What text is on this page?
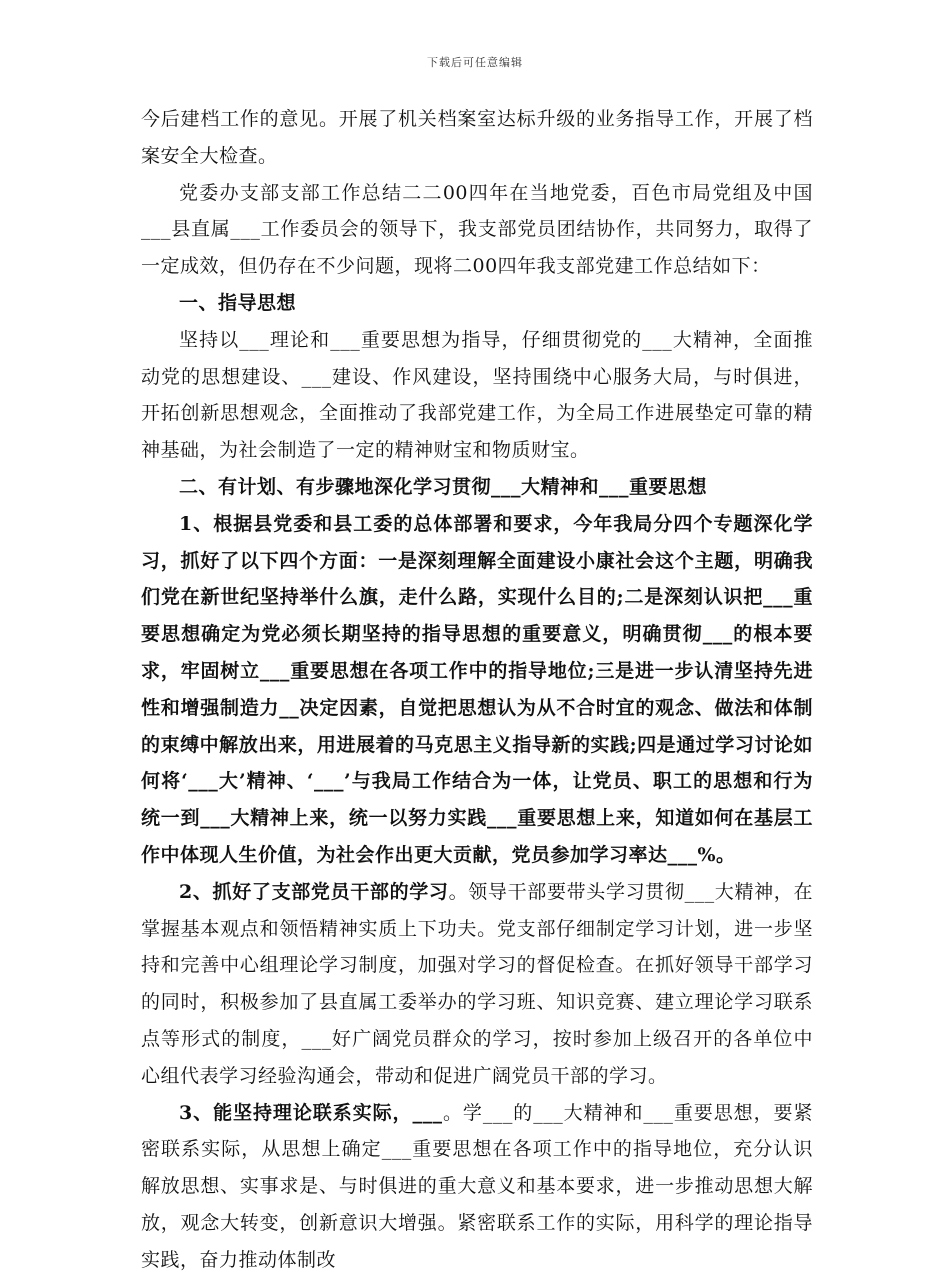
下载后可任意编辑

今后建档工作的意见。开展了机关档案室达标升级的业务指导工作，开展了档案安全大检查。

党委办支部支部工作总结二二00四年在当地党委，百色市局党组及中国___县直属___工作委员会的领导下，我支部党员团结协作，共同努力，取得了一定成效，但仍存在不少问题，现将二00四年我支部党建工作总结如下：

一、指导思想

坚持以___理论和___重要思想为指导，仔细贯彻党的___大精神，全面推动党的思想建设、___建设、作风建设，坚持围绕中心服务大局，与时俱进，开拓创新思想观念，全面推动了我部党建工作，为全局工作进展垫定可靠的精神基础，为社会制造了一定的精神财宝和物质财宝。

二、有计划、有步骤地深化学习贯彻___大精神和___重要思想

1、根据县党委和县工委的总体部署和要求，今年我局分四个专题深化学习，抓好了以下四个方面：一是深刻理解全面建设小康社会这个主题，明确我们党在新世纪坚持举什么旗，走什么路，实现什么目的;二是深刻认识把___重要思想确定为党必须长期坚持的指导思想的重要意义，明确贯彻___的根本要求，牢固树立___重要思想在各项工作中的指导地位;三是进一步认清坚持先进性和增强制造力__决定因素，自觉把思想认为从不合时宜的观念、做法和体制的束缚中解放出来，用进展着的马克思主义指导新的实践;四是通过学习讨论如何将‘___大’精神、‘___’与我局工作结合为一体，让党员、职工的思想和行为统一到___大精神上来，统一以努力实践___重要思想上来，知道如何在基层工作中体现人生价值，为社会作出更大贡献，党员参加学习率达___%。

2、抓好了支部党员干部的学习。领导干部要带头学习贯彻___大精神，在掌握基本观点和领悟精神实质上下功夫。党支部仔细制定学习计划，进一步坚持和完善中心组理论学习制度，加强对学习的督促检查。在抓好领导干部学习的同时，积极参加了县直属工委举办的学习班、知识竞赛、建立理论学习联系点等形式的制度，___好广阔党员群众的学习，按时参加上级召开的各单位中心组代表学习经验沟通会，带动和促进广阔党员干部的学习。

3、能坚持理论联系实际，___。学___的___大精神和___重要思想，要紧密联系实际，从思想上确定___重要思想在各项工作中的指导地位，充分认识解放思想、实事求是、与时俱进的重大意义和基本要求，进一步推动思想大解放，观念大转变，创新意识大增强。紧密联系工作的实际，用科学的理论指导实践，奋力推动体制改
